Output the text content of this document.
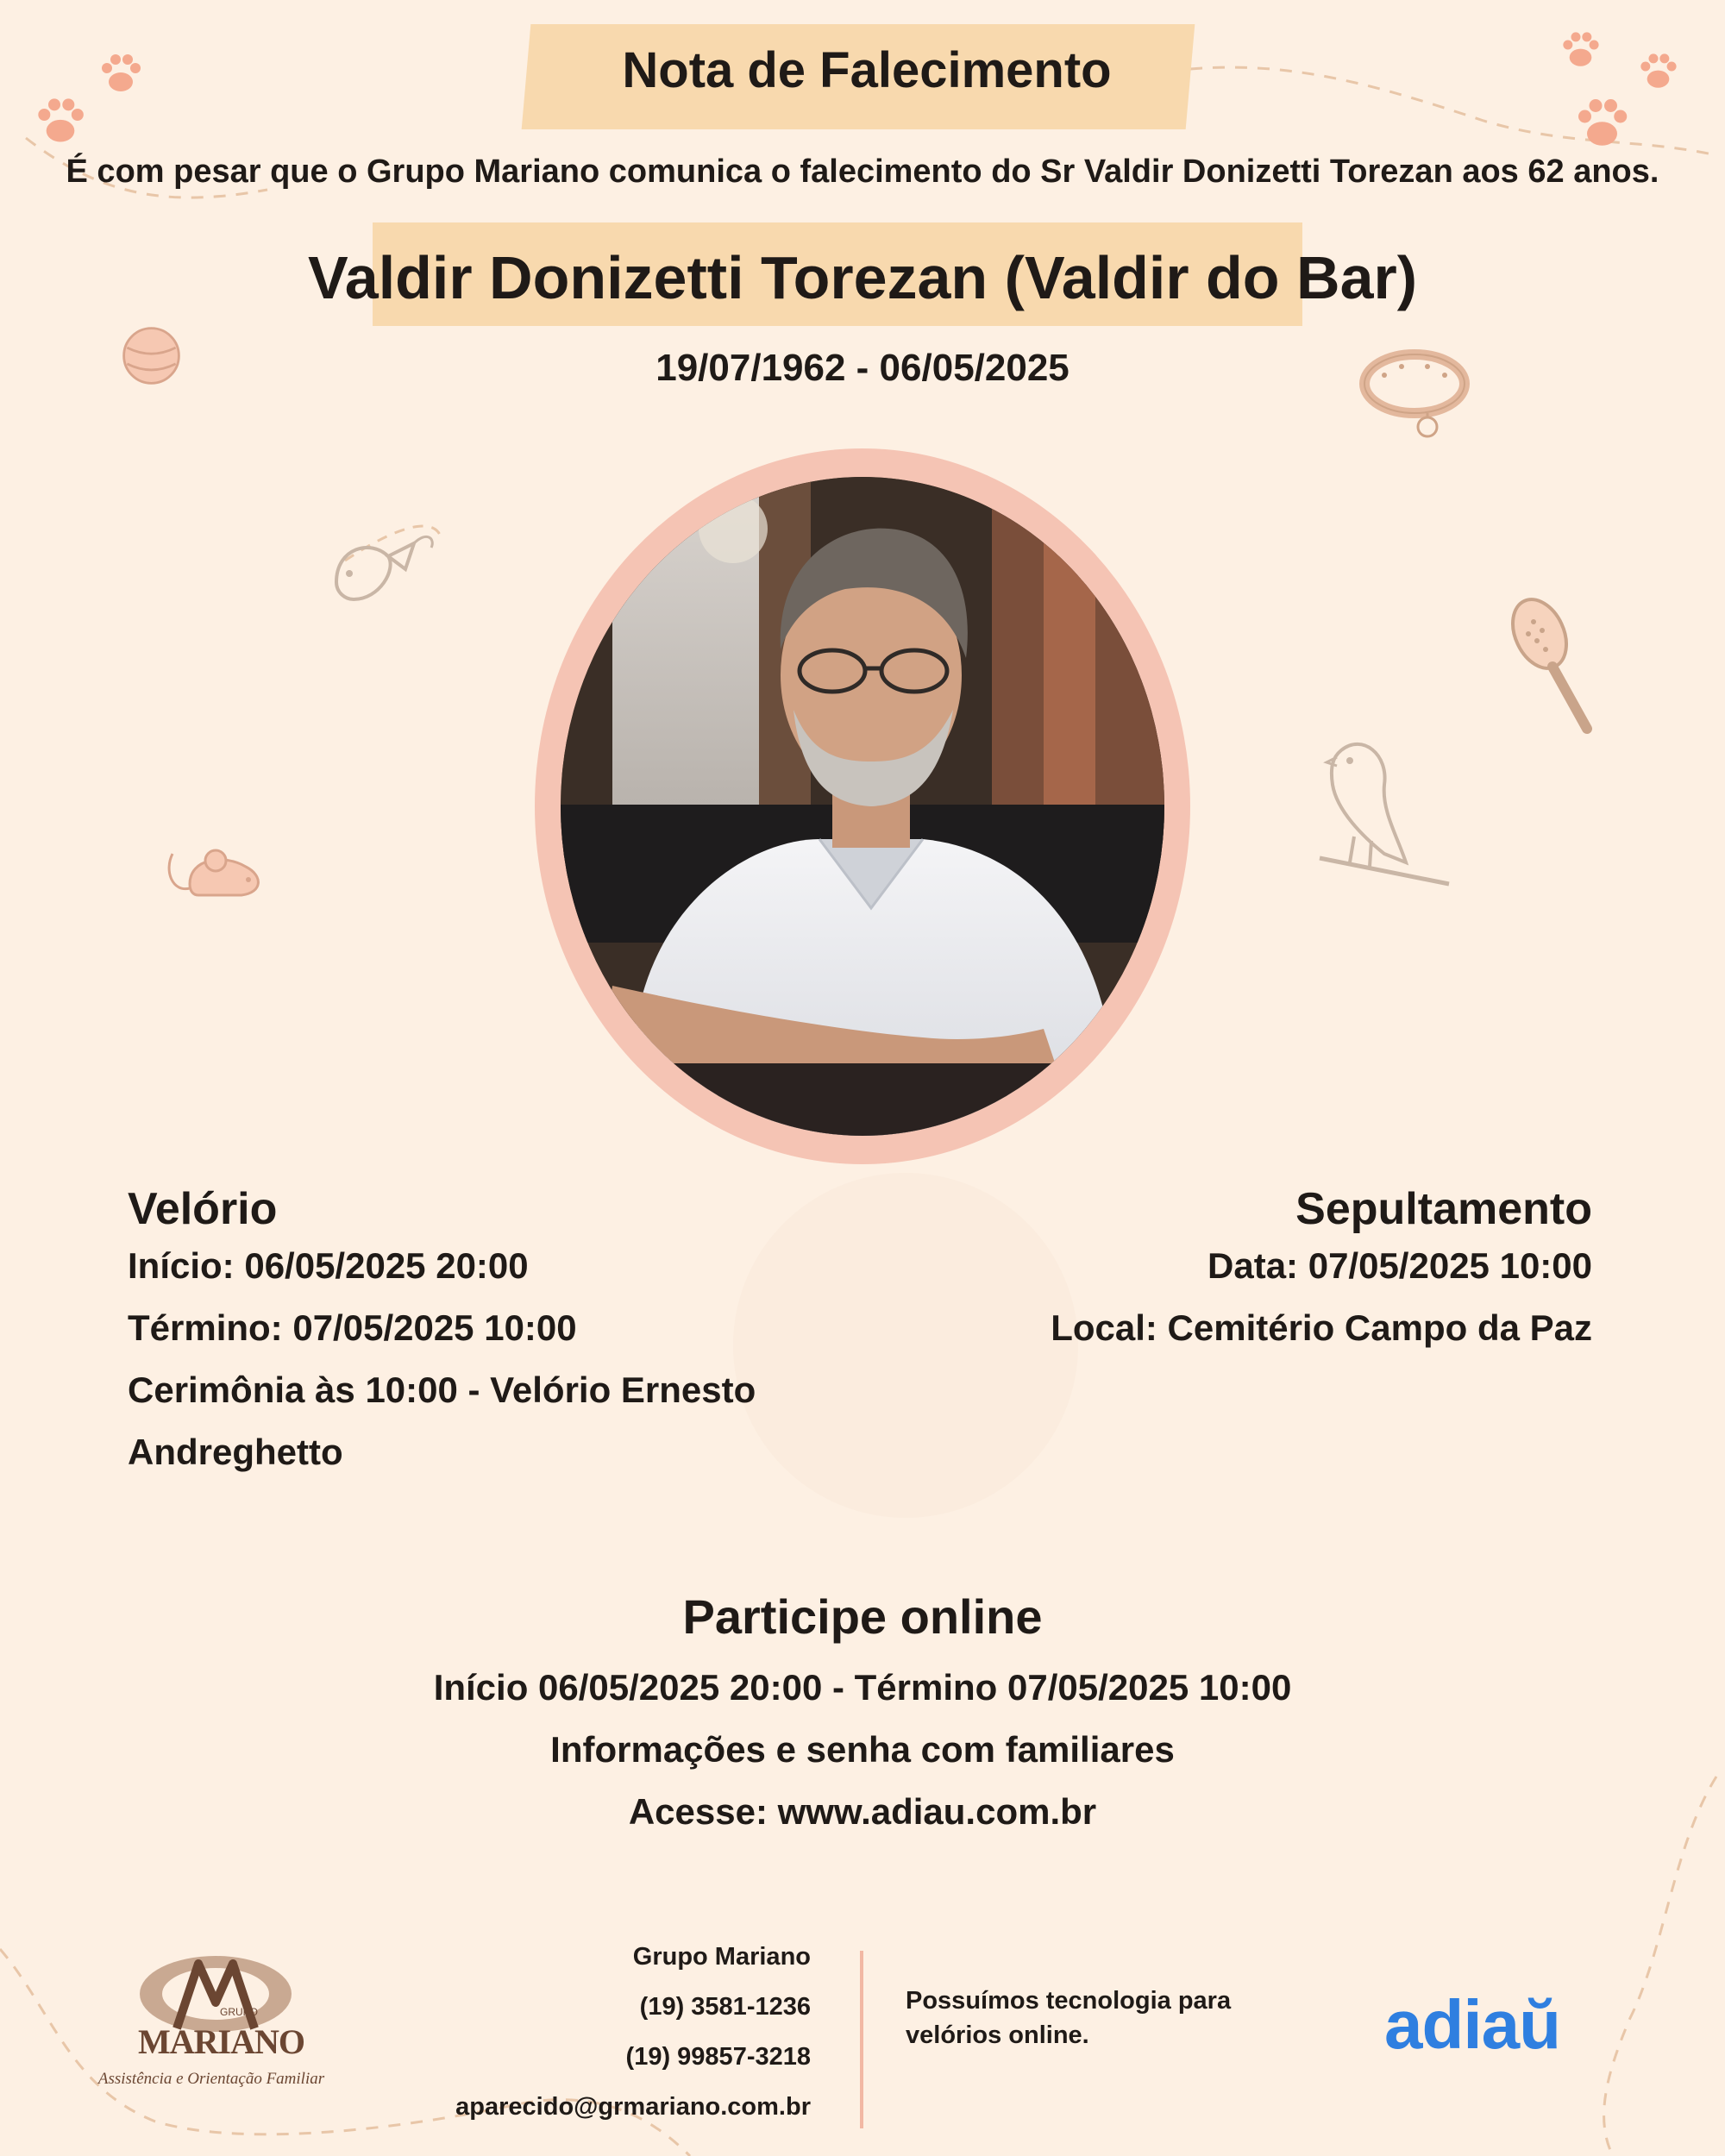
Nota de Falecimento
É com pesar que o Grupo Mariano comunica o falecimento do Sr Valdir Donizetti Torezan aos 62 anos.
Valdir Donizetti Torezan (Valdir do Bar)
19/07/1962 - 06/05/2025
Velório
Início: 06/05/2025 20:00
Término: 07/05/2025 10:00
Cerimônia às 10:00 - Velório Ernesto
Andreghetto
Sepultamento
Data: 07/05/2025 10:00
Local: Cemitério Campo da Paz
Participe online
Início 06/05/2025 20:00 - Término 07/05/2025 10:00
Informações e senha com familiares
Acesse: www.adiau.com.br
GRUPO
MARIANO
Assistência e Orientação Familiar
Grupo Mariano
(19) 3581-1236
(19) 99857-3218
aparecido@grmariano.com.br
Possuímos tecnologia para velórios online.	adiaŭ
